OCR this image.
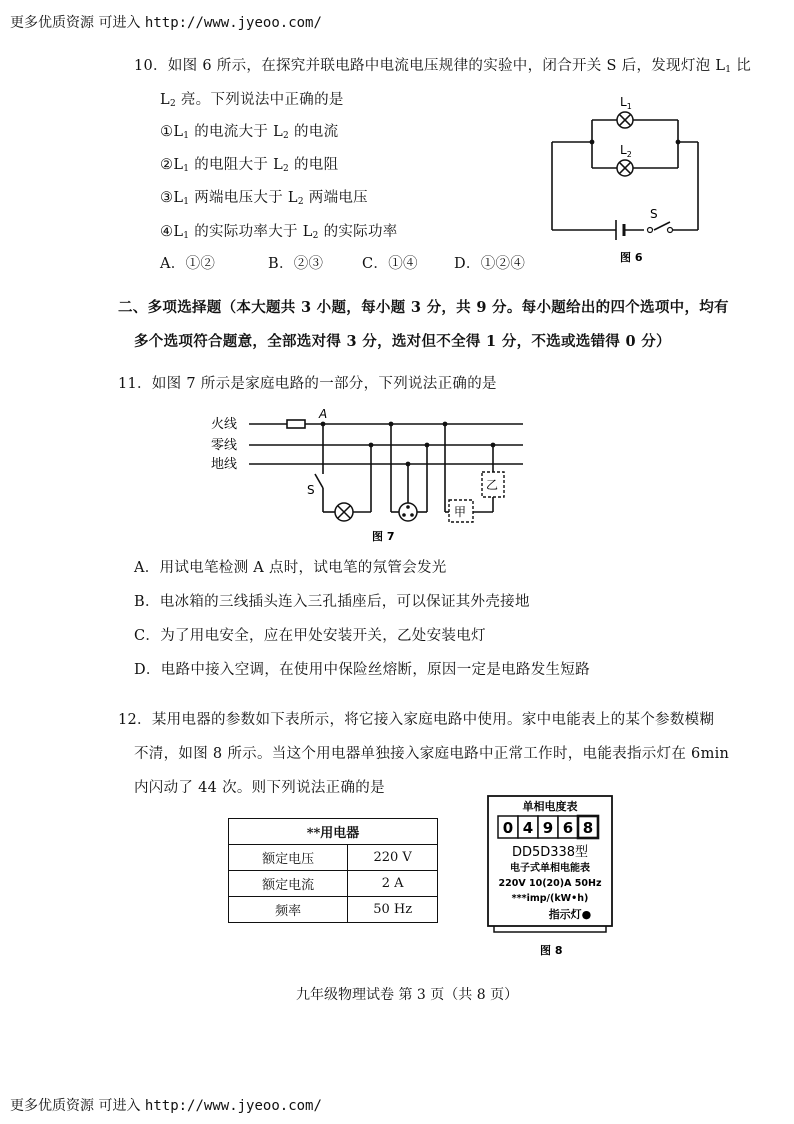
更多优质资源 可进入 http://www.jyeoo.com/
10．如图 6 所示，在探究并联电路中电流电压规律的实验中，闭合开关 S 后，发现灯泡 $L_1$ 比
$L_2$ 亮。下列说法中正确的是
$①L_1$ 的电流大于 $L_2$ 的电流
$②L_1$ 的电阻大于 $L_2$ 的电阻
$③L_1$ 两端电压大于 $L_2$ 两端电压
$④L_1$ 的实际功率大于 $L_2$ 的实际功率
A．①②	B．②③	C．①④ D．①②④
$L_1$
$L_2$
S
图 6
二、多项选择题（本大题共 3 小题，每小题 3 分，共 9 分。每小题给出的四个选项中，均有
多个选项符合题意，全部选对得 3 分，选对但不全得 1 分，不选或选错得 0 分）
11．如图 7 所示是家庭电路的一部分，下列说法正确的是
火线
零线
地线
A
S
甲
乙
图 7
A．用试电笔检测 A 点时，试电笔的氖管会发光
B．电冰箱的三线插头连入三孔插座后，可以保证其外壳接地
C．为了用电安全，应在甲处安装开关，乙处安装电灯
D．电路中接入空调，在使用中保险丝熔断，原因一定是电路发生短路
12．某用电器的参数如下表所示，将它接入家庭电路中使用。家中电能表上的某个参数模糊
不清，如图 8 所示。当这个用电器单独接入家庭电路中正常工作时，电能表指示灯在 6min
内闪动了 44 次。则下列说法正确的是
**用电器	
额定电压	220 V
额定电流	2 A
频率	50 Hz
单相电度表
0 4 9 6 8
DD5D338型
电子式单相电能表
220V 10(20)A 50Hz
***imp/(kW•h)
指示灯●
图 8
九年级物理试卷 第 3 页（共 8 页）
更多优质资源 可进入 http://www.jyeoo.com/
